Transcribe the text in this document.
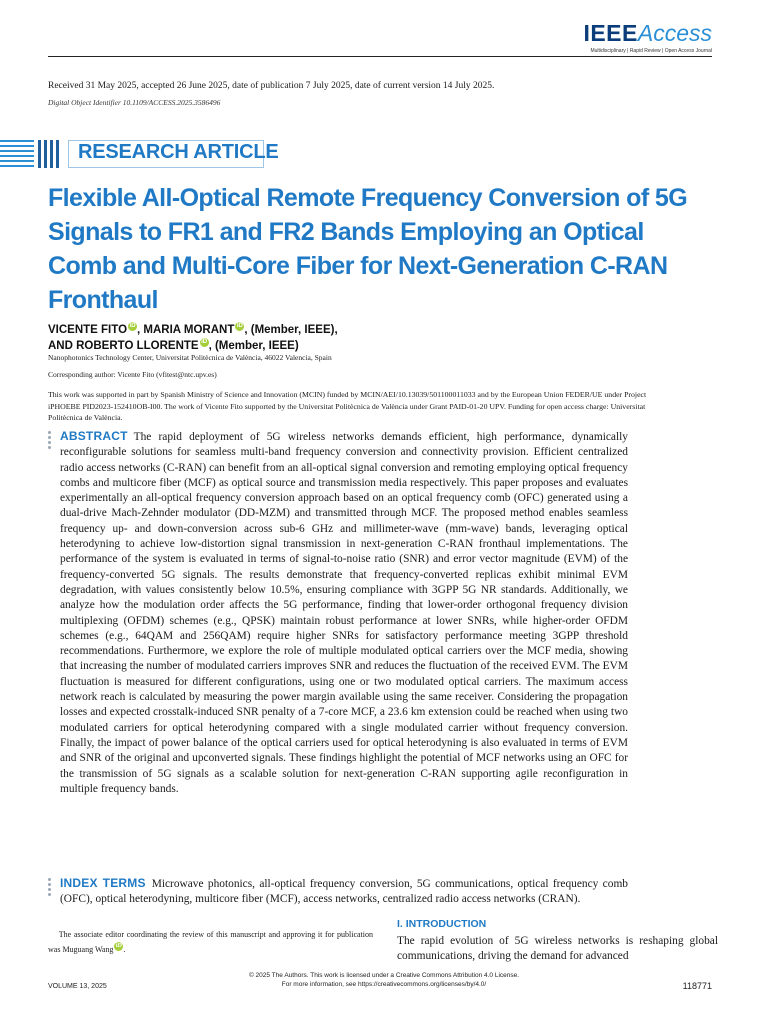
IEEEAccess
Multidisciplinary | Rapid Review | Open Access Journal
Received 31 May 2025, accepted 26 June 2025, date of publication 7 July 2025, date of current version 14 July 2025.
Digital Object Identifier 10.1109/ACCESS.2025.3586496
RESEARCH ARTICLE
Flexible All-Optical Remote Frequency Conversion of 5G Signals to FR1 and FR2 Bands Employing an Optical Comb and Multi-Core Fiber for Next-Generation C-RAN Fronthaul
VICENTE FITO iD , MARIA MORANT iD , (Member, IEEE),
AND ROBERTO LLORENTE iD , (Member, IEEE)
Nanophotonics Technology Center, Universitat Politècnica de València, 46022 Valencia, Spain
Corresponding author: Vicente Fito (vfitest@ntc.upv.es)
This work was supported in part by Spanish Ministry of Science and Innovation (MCIN) funded by MCIN/AEI/10.13039/501100011033 and by the European Union FEDER/UE under Project iPHOEBE PID2023-152410OB-I00. The work of Vicente Fito supported by the Universitat Politècnica de València under Grant PAID-01-20 UPV. Funding for open access charge: Universitat Politècnica de València.
ABSTRACT The rapid deployment of 5G wireless networks demands efficient, high performance, dynamically reconfigurable solutions for seamless multi-band frequency conversion and connectivity provision. Efficient centralized radio access networks (C-RAN) can benefit from an all-optical signal conversion and remoting employing optical frequency combs and multicore fiber (MCF) as optical source and transmission media respectively. This paper proposes and evaluates experimentally an all-optical frequency conversion approach based on an optical frequency comb (OFC) generated using a dual-drive Mach-Zehnder modulator (DD-MZM) and transmitted through MCF. The proposed method enables seamless frequency up- and down-conversion across sub-6 GHz and millimeter-wave (mm-wave) bands, leveraging optical heterodyning to achieve low-distortion signal transmission in next-generation C-RAN fronthaul implementations. The performance of the system is evaluated in terms of signal-to-noise ratio (SNR) and error vector magnitude (EVM) of the frequency-converted 5G signals. The results demonstrate that frequency-converted replicas exhibit minimal EVM degradation, with values consistently below 10.5%, ensuring compliance with 3GPP 5G NR standards. Additionally, we analyze how the modulation order affects the 5G performance, finding that lower-order orthogonal frequency division multiplexing (OFDM) schemes (e.g., QPSK) maintain robust performance at lower SNRs, while higher-order OFDM schemes (e.g., 64QAM and 256QAM) require higher SNRs for satisfactory performance meeting 3GPP threshold recommendations. Furthermore, we explore the role of multiple modulated optical carriers over the MCF media, showing that increasing the number of modulated carriers improves SNR and reduces the fluctuation of the received EVM. The EVM fluctuation is measured for different configurations, using one or two modulated optical carriers. The maximum access network reach is calculated by measuring the power margin available using the same receiver. Considering the propagation losses and expected crosstalk-induced SNR penalty of a 7-core MCF, a 23.6 km extension could be reached when using two modulated carriers for optical heterodyning compared with a single modulated carrier without frequency conversion. Finally, the impact of power balance of the optical carriers used for optical heterodyning is also evaluated in terms of EVM and SNR of the original and upconverted signals. These findings highlight the potential of MCF networks using an OFC for the transmission of 5G signals as a scalable solution for next-generation C-RAN supporting agile reconfiguration in multiple frequency bands.
INDEX TERMS Microwave photonics, all-optical frequency conversion, 5G communications, optical frequency comb (OFC), optical heterodyning, multicore fiber (MCF), access networks, centralized radio access networks (CRAN).
The associate editor coordinating the review of this manuscript and approving it for publication was Muguang Wang iD .
I. INTRODUCTION
The rapid evolution of 5G wireless networks is reshaping global communications, driving the demand for advanced
© 2025 The Authors. This work is licensed under a Creative Commons Attribution 4.0 License.
For more information, see https://creativecommons.org/licenses/by/4.0/
VOLUME 13, 2025	118771
